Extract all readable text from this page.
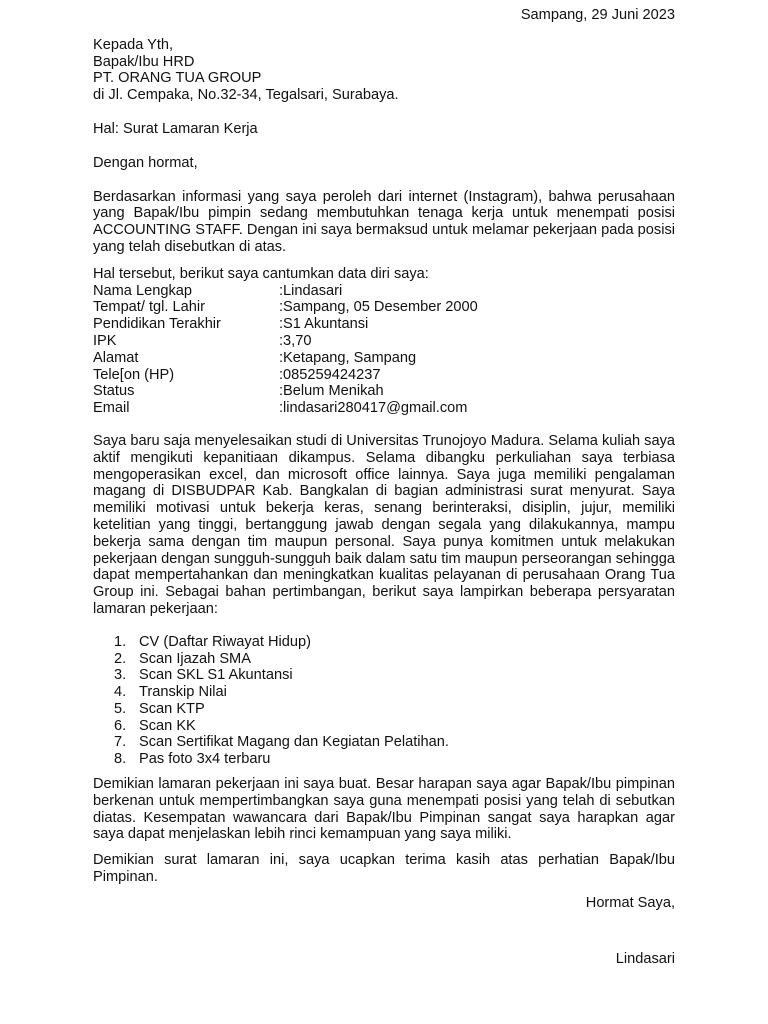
Sampang, 29 Juni 2023
Kepada Yth,
Bapak/Ibu HRD
PT. ORANG TUA GROUP
di Jl. Cempaka, No.32-34, Tegalsari, Surabaya.
Hal: Surat Lamaran Kerja
Dengan hormat,

Berdasarkan informasi yang saya peroleh dari internet (Instagram), bahwa perusahaan yang Bapak/Ibu pimpin sedang membutuhkan tenaga kerja untuk menempati posisi ACCOUNTING STAFF. Dengan ini saya bermaksud untuk melamar pekerjaan pada posisi yang telah disebutkan di atas.

Hal tersebut, berikut saya cantumkan data diri saya:
Nama Lengkap	:Lindasari
Tempat/ tgl. Lahir	:Sampang, 05 Desember 2000
Pendidikan Terakhir	:S1 Akuntansi
IPK	:3,70
Alamat	:Ketapang, Sampang
Tele[on (HP)	:085259424237
Status	:Belum Menikah
Email	:lindasari280417@gmail.com

Saya baru saja menyelesaikan studi di Universitas Trunojoyo Madura. Selama kuliah saya aktif mengikuti kepanitiaan dikampus. Selama dibangku perkuliahan saya terbiasa mengoperasikan excel, dan microsoft office lainnya. Saya juga memiliki pengalaman magang di DISBUDPAR Kab. Bangkalan di bagian administrasi surat menyurat. Saya memiliki motivasi untuk bekerja keras, senang berinteraksi, disiplin, jujur, memiliki ketelitian yang tinggi, bertanggung jawab dengan segala yang dilakukannya, mampu bekerja sama dengan tim maupun personal. Saya punya komitmen untuk melakukan pekerjaan dengan sungguh-sungguh baik dalam satu tim maupun perseorangan sehingga dapat mempertahankan dan meningkatkan kualitas pelayanan di perusahaan Orang Tua Group ini. Sebagai bahan pertimbangan, berikut saya lampirkan beberapa persyaratan lamaran pekerjaan:

1. CV (Daftar Riwayat Hidup)
2. Scan Ijazah SMA
3. Scan SKL S1 Akuntansi
4. Transkip Nilai
5. Scan KTP
6. Scan KK
7. Scan Sertifikat Magang dan Kegiatan Pelatihan.
8. Pas foto 3x4 terbaru

Demikian lamaran pekerjaan ini saya buat. Besar harapan saya agar Bapak/Ibu pimpinan berkenan untuk mempertimbangkan saya guna menempati posisi yang telah di sebutkan diatas. Kesempatan wawancara dari Bapak/Ibu Pimpinan sangat saya harapkan agar saya dapat menjelaskan lebih rinci kemampuan yang saya miliki.

Demikian surat lamaran ini, saya ucapkan terima kasih atas perhatian Bapak/Ibu Pimpinan.

Hormat Saya,
Lindasari
